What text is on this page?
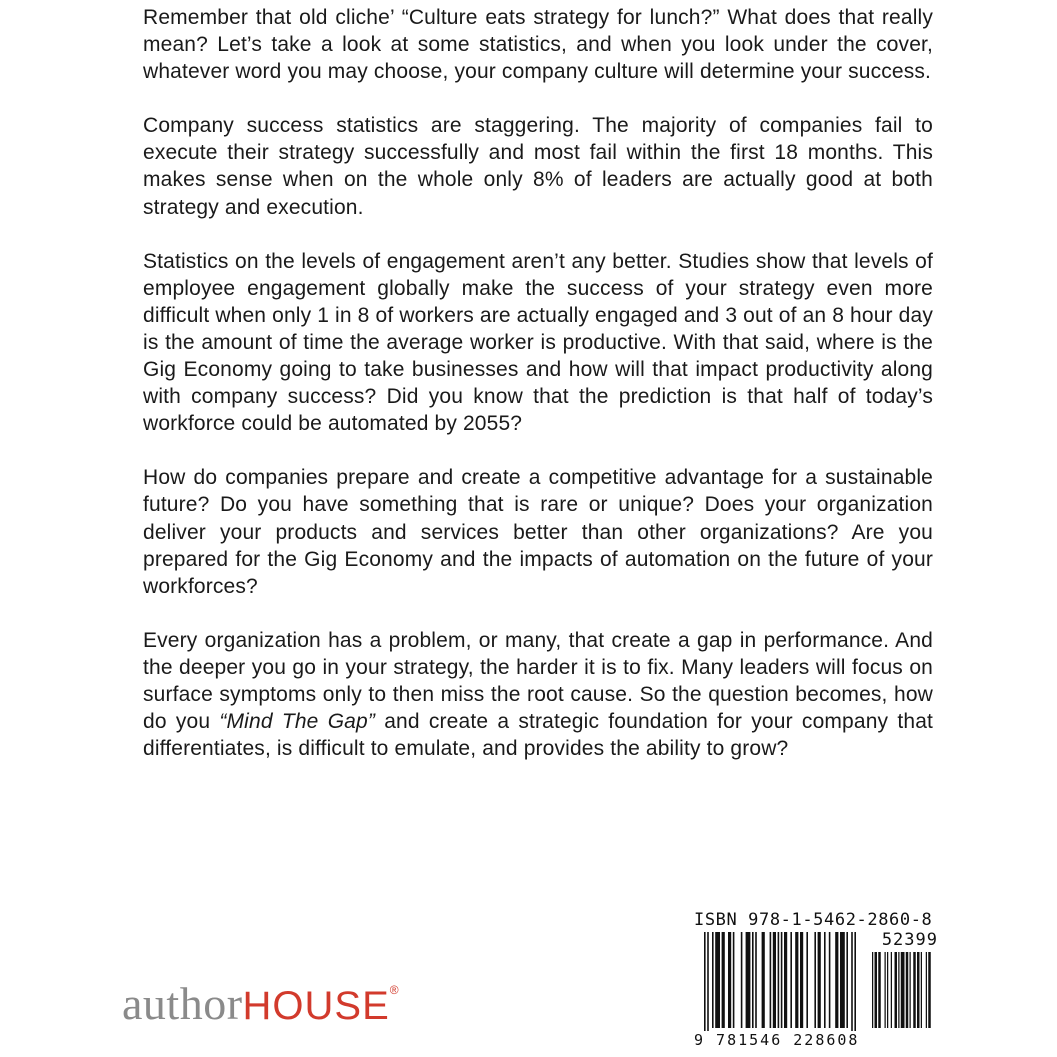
Remember that old cliche’ “Culture eats strategy for lunch?” What does that really mean? Let’s take a look at some statistics, and when you look under the cover, whatever word you may choose, your company culture will determine your success.

Company success statistics are staggering. The majority of companies fail to execute their strategy successfully and most fail within the first 18 months. This makes sense when on the whole only 8% of leaders are actually good at both strategy and execution.

Statistics on the levels of engagement aren’t any better. Studies show that levels of employee engagement globally make the success of your strategy even more difficult when only 1 in 8 of workers are actually engaged and 3 out of an 8 hour day is the amount of time the average worker is productive. With that said, where is the Gig Economy going to take businesses and how will that impact productivity along with company success? Did you know that the prediction is that half of today’s workforce could be automated by 2055?

How do companies prepare and create a competitive advantage for a sustainable future? Do you have something that is rare or unique? Does your organization deliver your products and services better than other organizations? Are you prepared for the Gig Economy and the impacts of automation on the future of your workforces?

Every organization has a problem, or many, that create a gap in performance. And the deeper you go in your strategy, the harder it is to fix. Many leaders will focus on surface symptoms only to then miss the root cause. So the question becomes, how do you “Mind The Gap” and create a strategic foundation for your company that differentiates, is difficult to emulate, and provides the ability to grow?

authorHOUSE®
ISBN 978-1-5462-2860-8
52399
9 781546 228608
